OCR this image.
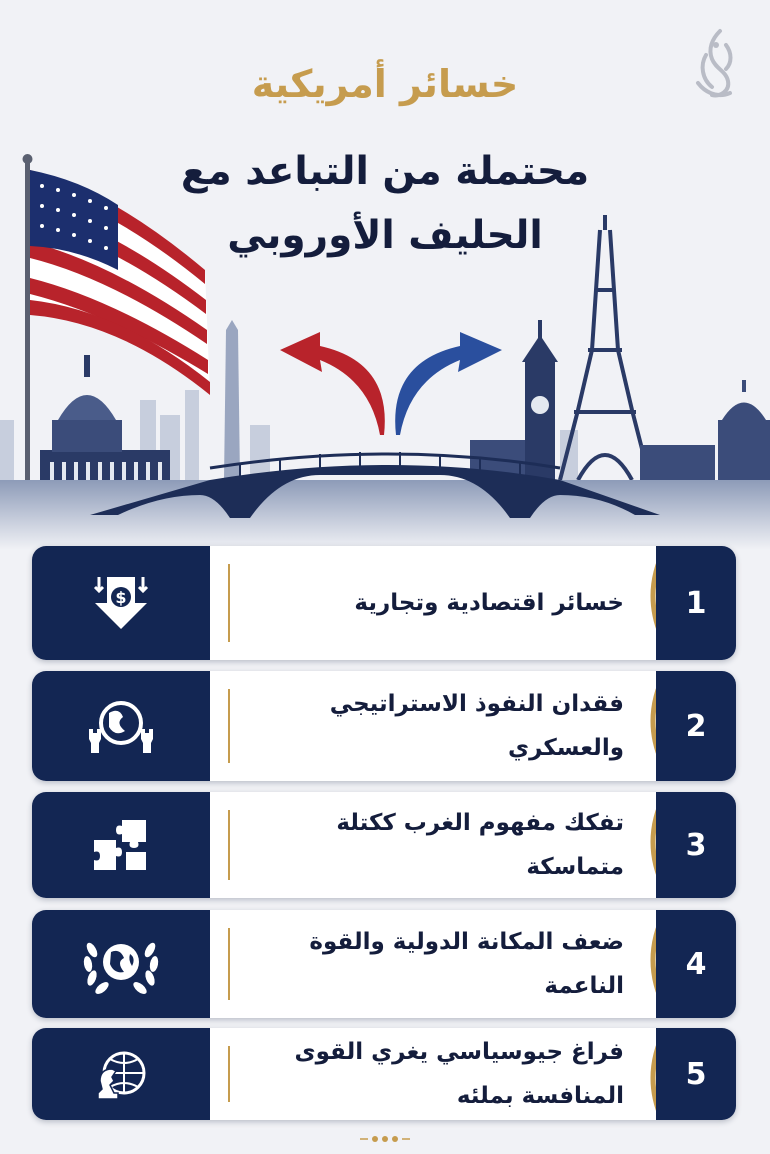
خسائر أمريكية
محتملة من التباعد مع
الحليف الأوروبي
$	خسائر اقتصادية وتجارية	1
فقدان النفوذ الاستراتيجي والعسكري
2
تفكك مفهوم الغرب ككتلة متماسكة
3
ضعف المكانة الدولية والقوة الناعمة
4
فراغ جيوسياسي يغري القوى المنافسة بملئه
5
